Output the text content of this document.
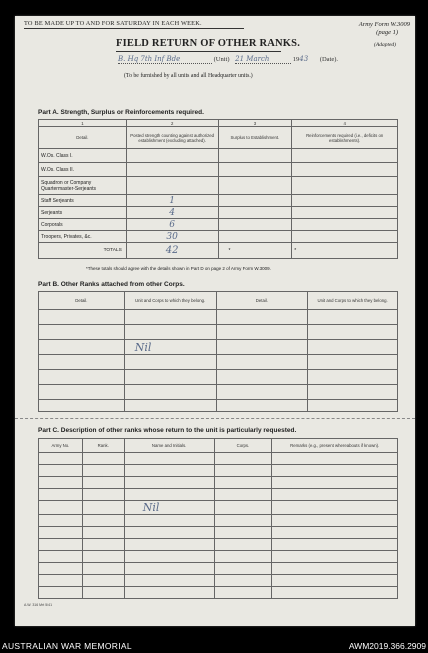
TO BE MADE UP TO AND FOR SATURDAY IN EACH WEEK.	Army Form W.3009
(page 1)
(Adapted)
FIELD RETURN OF OTHER RANKS.
B. Hq 7th Inf Bde	(Unit) 21 March	1943 (Date).
(To be furnished by all units and all Headquarter units.)
Part A. Strength, Surplus or Reinforcements required.
1	2	3	4
Detail.	Posted strength counting against authorized establishment (excluding attached).	Surplus to Establishment.	Reinforcements required (i.e., deficits on establishments).
W.Os. Class I.			
W.Os. Class II.			
Squadron or Company Quartermaster-Serjeants			
Staff Serjeants	1		
Serjeants	4		
Corporals	6		
Troopers, Privates, &c.	30		
TOTALS	42	*	*
*These totals should agree with the details shown in Part D on page 2 of Army Form W.3009.
Part B. Other Ranks attached from other Corps.
Detail.	Unit and Corps to which they belong.	Detail.	Unit and Corps to which they belong.

	Nil		

Part C. Description of other ranks whose return to the unit is particularly requested.
Army No.	Rank.	Name and Initials.	Corps.	Remarks (e.g., present whereabouts if known).

		Nil		

A.W. 316 Mrt 5/41
AUSTRALIAN WAR MEMORIAL	AWM2019.366.2909
